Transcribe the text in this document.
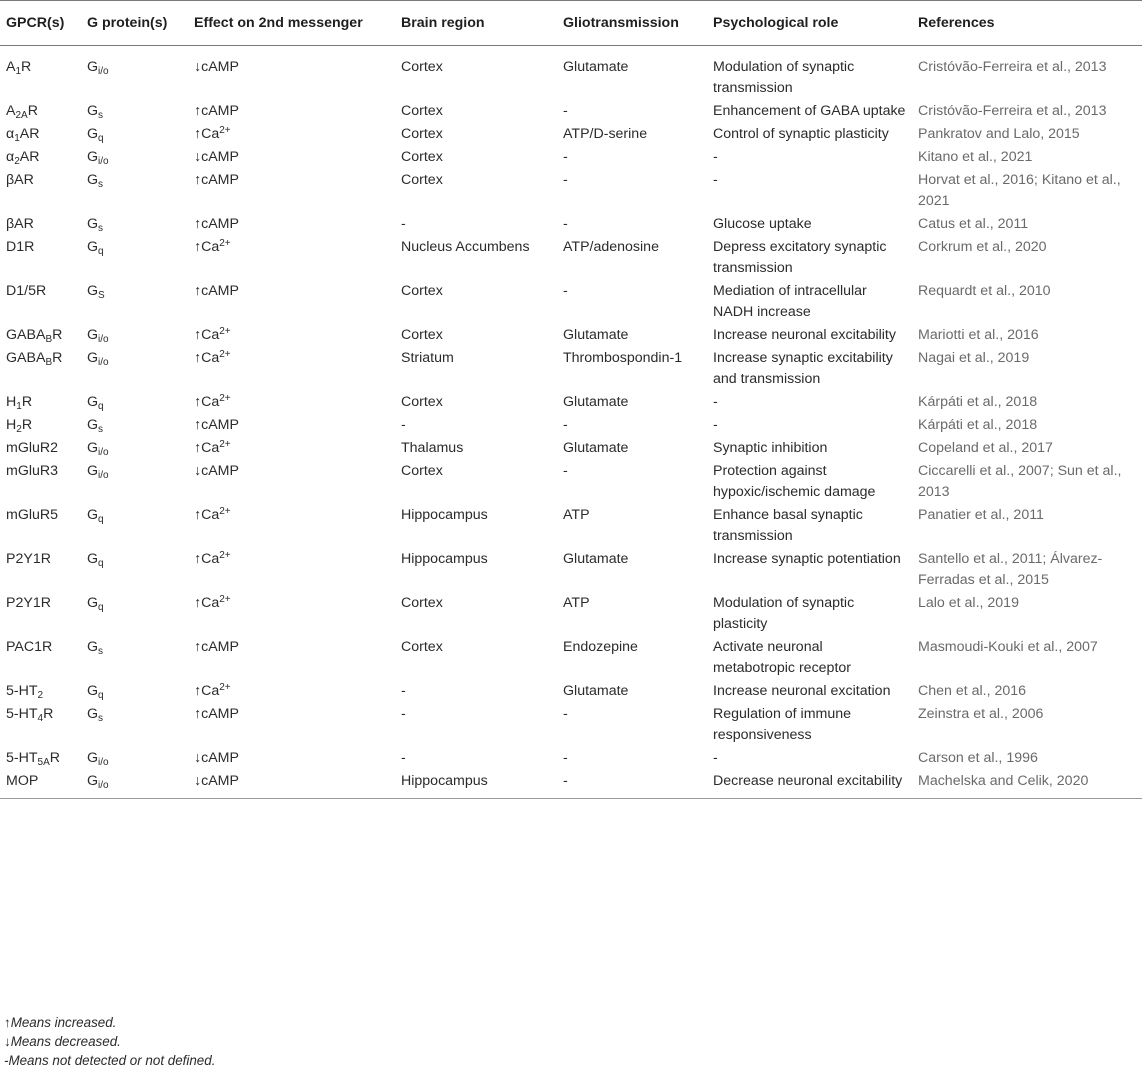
GPCR(s)	G protein(s)	Effect on 2nd messenger	Brain region	Gliotransmission	Psychological role	References
$A_1R$	$G_{i/o}$	↓cAMP	Cortex	Glutamate	Modulation of synaptic transmission	Cristóvão-Ferreira et al., 2013
$A_{2A}R$	$G_s$	↑cAMP	Cortex	-	Enhancement of GABA uptake	Cristóvão-Ferreira et al., 2013
$\alpha_1AR$	$G_q$	$↑Ca^{2+}$	Cortex	ATP/D-serine	Control of synaptic plasticity	Pankratov and Lalo, 2015
$\alpha_2AR$	$G_{i/o}$	↓cAMP	Cortex	-	-	Kitano et al., 2021
βAR	$G_s$	↑cAMP	Cortex	-	-	Horvat et al., 2016; Kitano et al., 2021
βAR	$G_s$	↑cAMP	-	-	Glucose uptake	Catus et al., 2011
D1R	$G_q$	$↑Ca^{2+}$	Nucleus Accumbens	ATP/adenosine	Depress excitatory synaptic transmission	Corkrum et al., 2020
D1/5R	$G_S$	↑cAMP	Cortex	-	Mediation of intracellular NADH increase	Requardt et al., 2010
$GABA_BR$	$G_{i/o}$	$↑Ca^{2+}$	Cortex	Glutamate	Increase neuronal excitability	Mariotti et al., 2016
$GABA_BR$	$G_{i/o}$	$↑Ca^{2+}$	Striatum	Thrombospondin-1	Increase synaptic excitability and transmission	Nagai et al., 2019
$H_1R$	$G_q$	$↑Ca^{2+}$	Cortex	Glutamate	-	Kárpáti et al., 2018
$H_2R$	$G_s$	↑cAMP	-	-	-	Kárpáti et al., 2018
mGluR2	$G_{i/o}$	$↑Ca^{2+}$	Thalamus	Glutamate	Synaptic inhibition	Copeland et al., 2017
mGluR3	$G_{i/o}$	↓cAMP	Cortex	-	Protection against hypoxic/ischemic damage	Ciccarelli et al., 2007; Sun et al., 2013
mGluR5	$G_q$	$↑Ca^{2+}$	Hippocampus	ATP	Enhance basal synaptic transmission	Panatier et al., 2011
P2Y1R	$G_q$	$↑Ca^{2+}$	Hippocampus	Glutamate	Increase synaptic potentiation	Santello et al., 2011; Álvarez-Ferradas et al., 2015
P2Y1R	$G_q$	$↑Ca^{2+}$	Cortex	ATP	Modulation of synaptic plasticity	Lalo et al., 2019
PAC1R	$G_s$	↑cAMP	Cortex	Endozepine	Activate neuronal metabotropic receptor	Masmoudi-Kouki et al., 2007
$5-HT_2$	$G_q$	$↑Ca^{2+}$	-	Glutamate	Increase neuronal excitation	Chen et al., 2016
$5-HT_4R$	$G_s$	↑cAMP	-	-	Regulation of immune responsiveness	Zeinstra et al., 2006
$5-HT_{5A}R$	$G_{i/o}$	↓cAMP	-	-	-	Carson et al., 1996
MOP	$G_{i/o}$	↓cAMP	Hippocampus	-	Decrease neuronal excitability	Machelska and Celik, 2020
↑Means increased.
↓Means decreased.
-Means not detected or not defined.
